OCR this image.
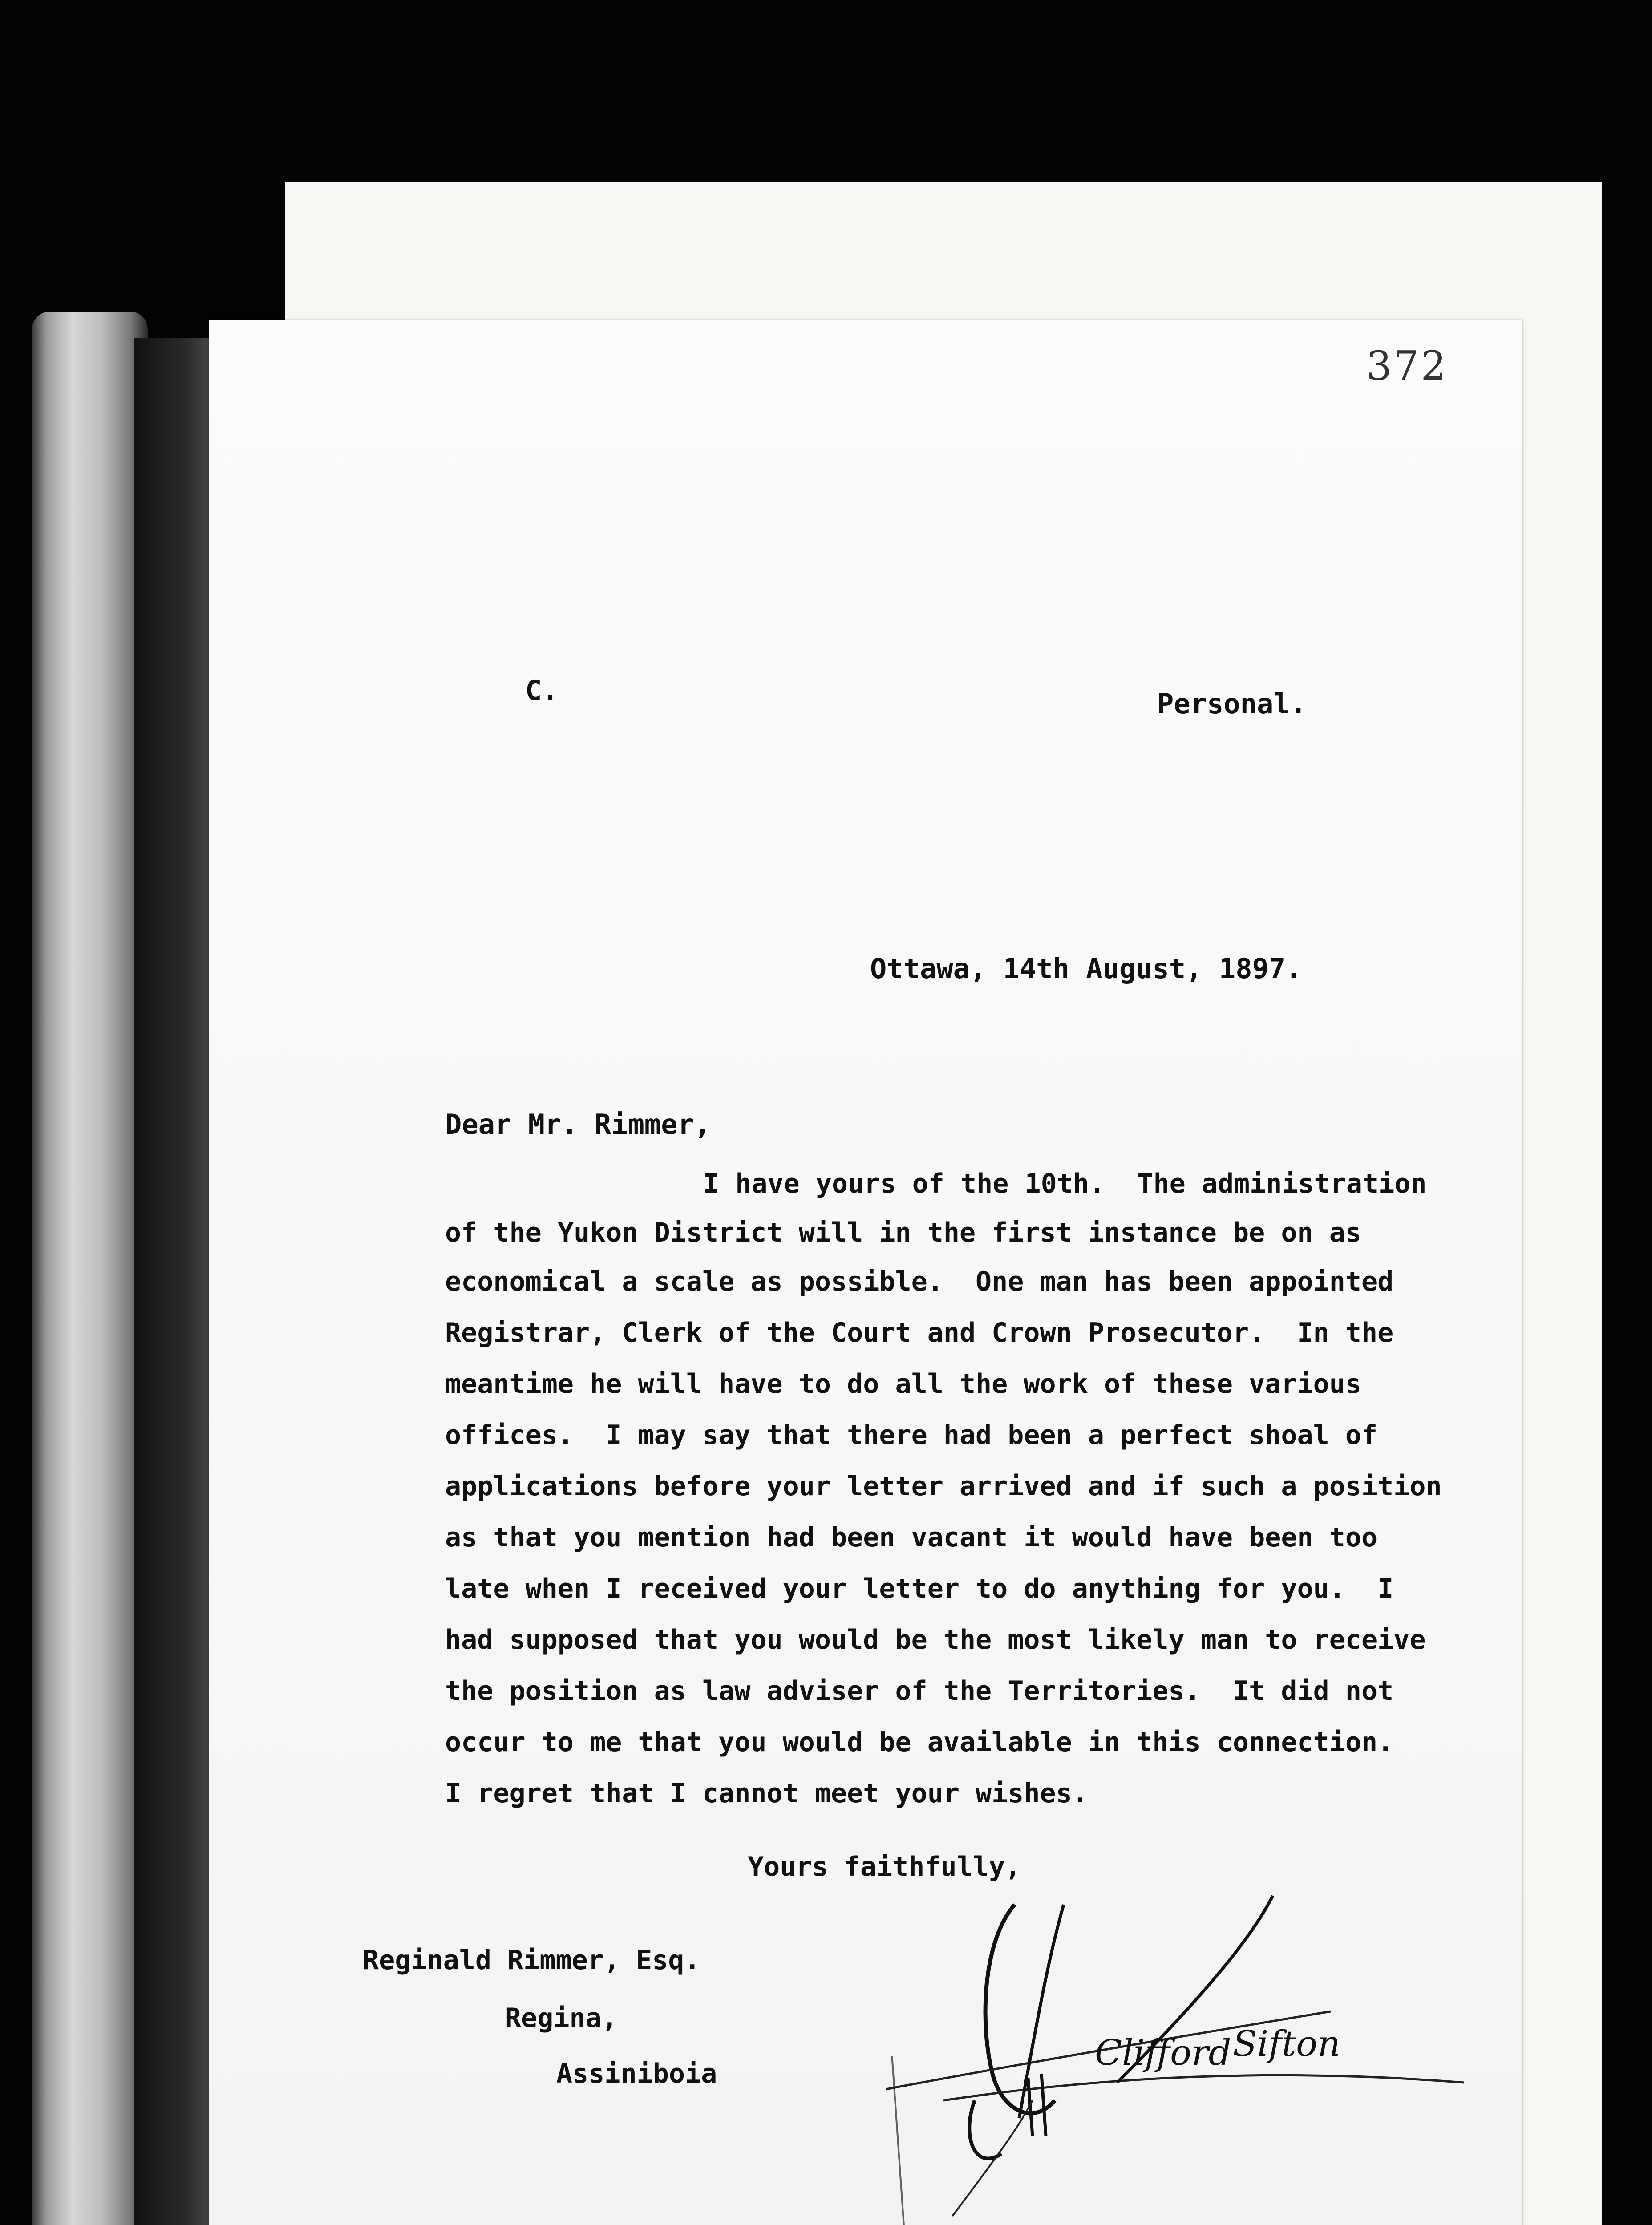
372
C.	Personal.
Ottawa, 14th August, 1897.
Dear Mr. Rimmer,
I have yours of the 10th.  The administration
of the Yukon District will in the first instance be on as
economical a scale as possible.  One man has been appointed
Registrar, Clerk of the Court and Crown Prosecutor.  In the
meantime he will have to do all the work of these various
offices.  I may say that there had been a perfect shoal of
applications before your letter arrived and if such a position
as that you mention had been vacant it would have been too
late when I received your letter to do anything for you.  I
had supposed that you would be the most likely man to receive
the position as law adviser of the Territories.  It did not
occur to me that you would be available in this connection.
I regret that I cannot meet your wishes.
Yours faithfully,
Reginald Rimmer, Esq.
Regina,
Assiniboia
Clifford Sifton
